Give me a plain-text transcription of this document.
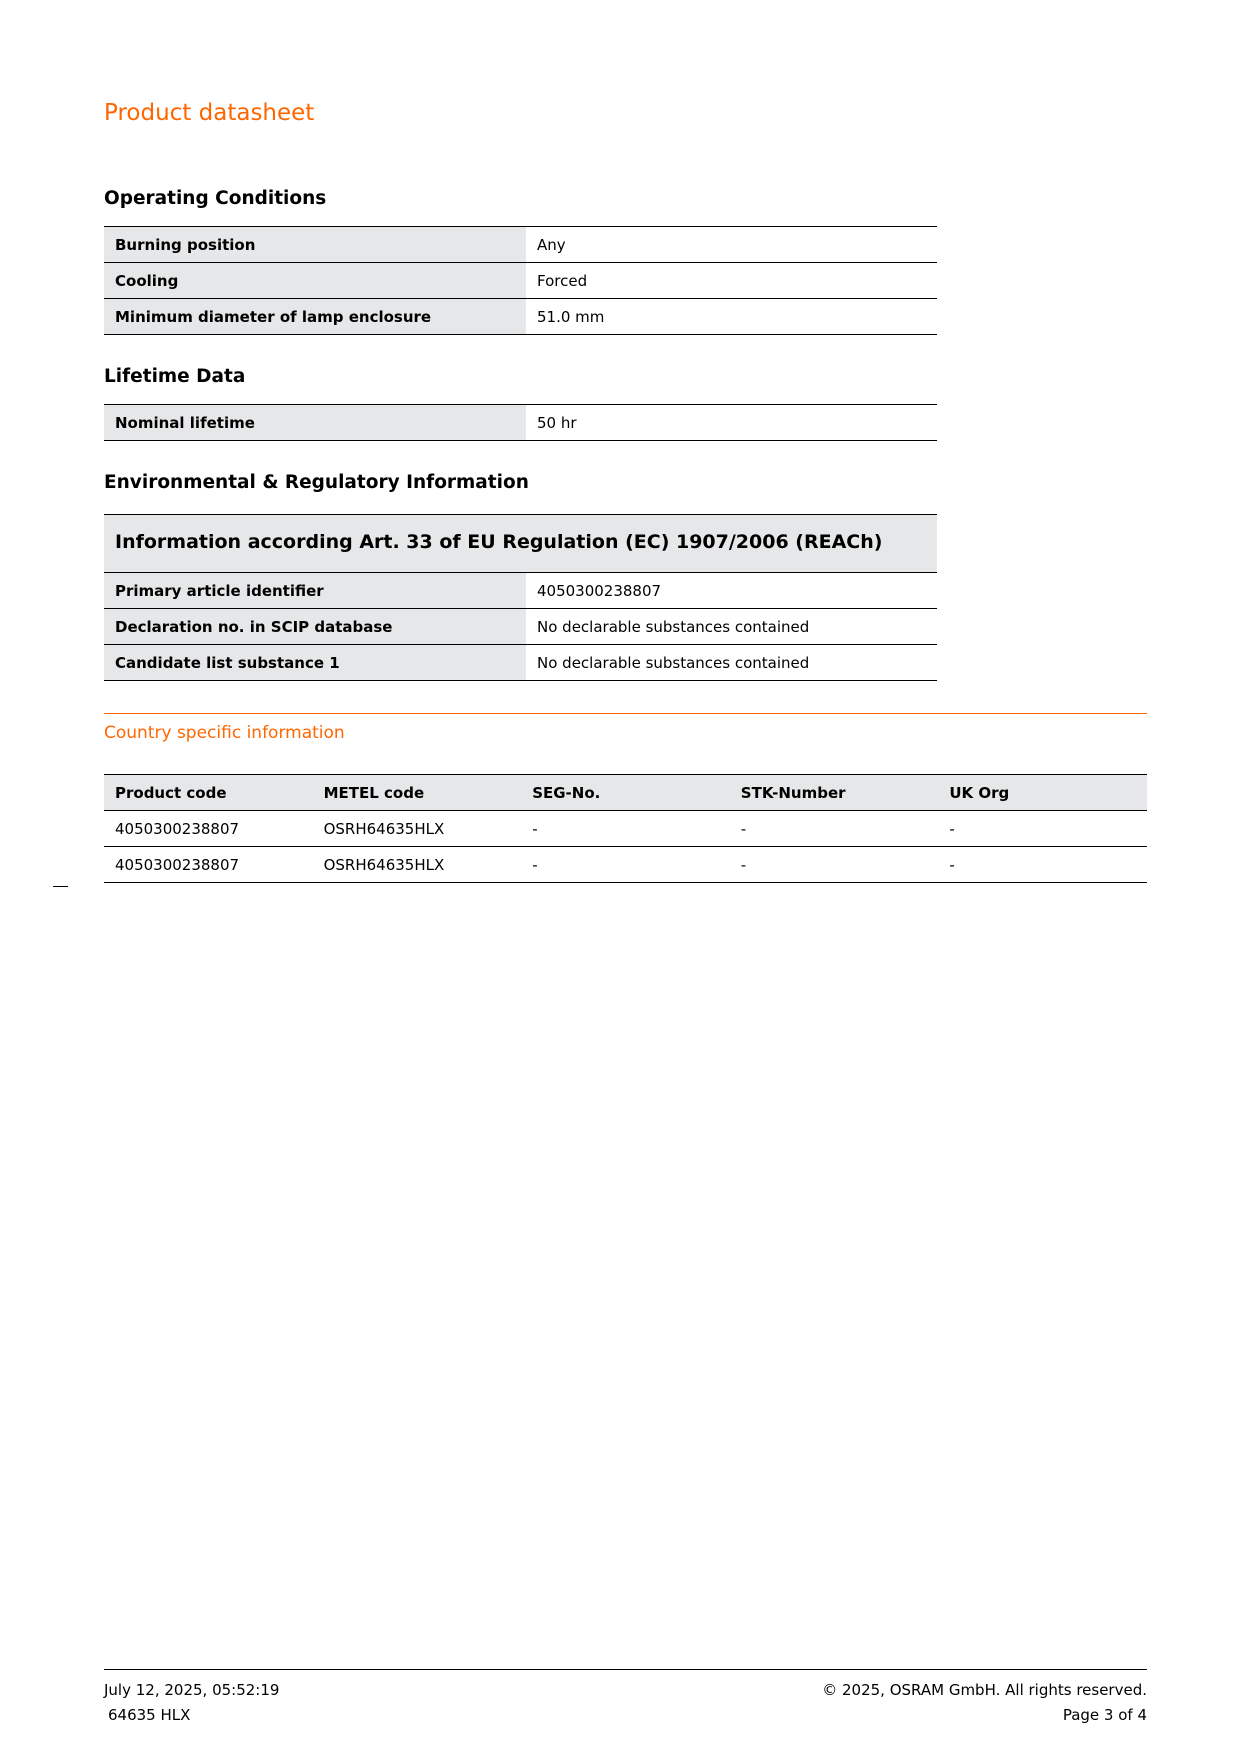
Product datasheet
Operating Conditions
Burning position	Any
Cooling	Forced
Minimum diameter of lamp enclosure	51.0 mm
Lifetime Data
Nominal lifetime	50 hr
Environmental & Regulatory Information
Information according Art. 33 of EU Regulation (EC) 1907/2006 (REACh)
Primary article identifier	4050300238807
Declaration no. in SCIP database	No declarable substances contained
Candidate list substance 1	No declarable substances contained
Country specific information
Product code	METEL code	SEG-No.	STK-Number	UK Org
4050300238807	OSRH64635HLX	-	-	-
4050300238807	OSRH64635HLX	-	-	-

July 12, 2025, 05:52:19

64635 HLX

© 2025, OSRAM GmbH. All rights reserved.

Page 3 of 4
